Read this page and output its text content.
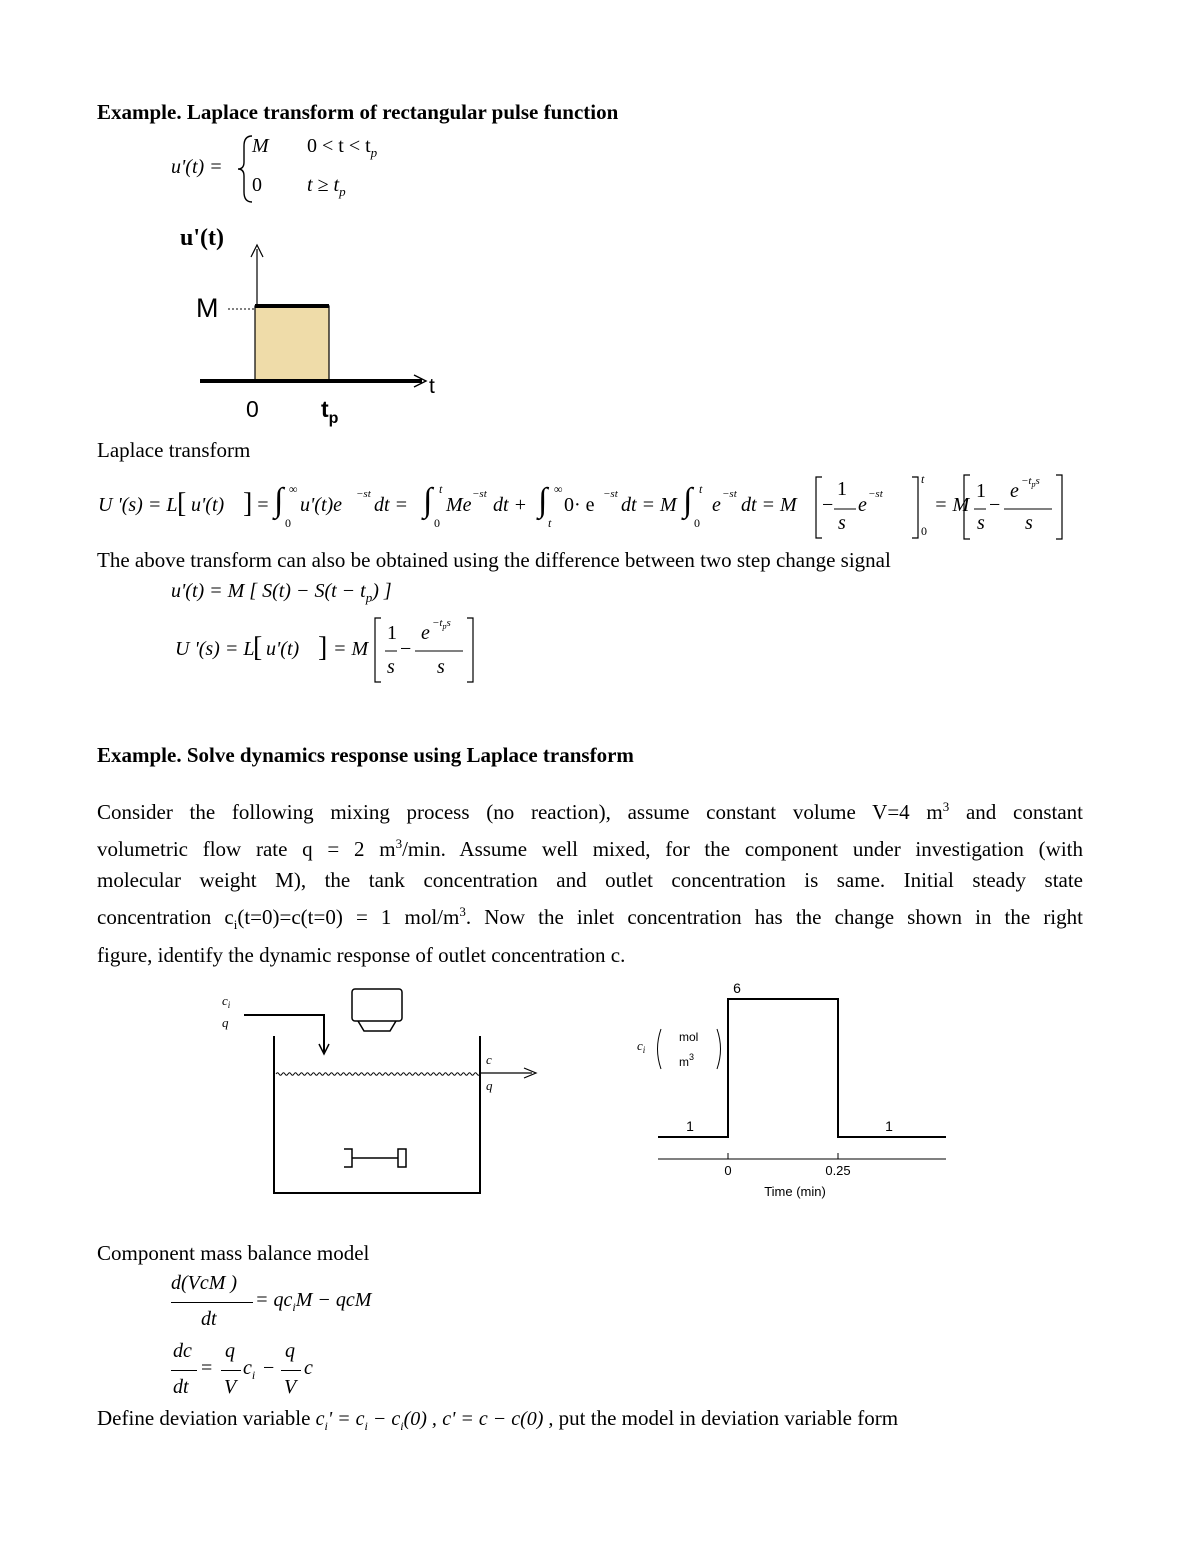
Example. Laplace transform of rectangular pulse function
u'(t) =
M $0 < t < t_p$
0 $t \ge t_p$
u'(t)
M
t
0	$t_p$
Laplace transform
U '(s) = L [ u'(t) ] = ∫ ∞
0
u'(t)e −st dt = ∫ t
0
Me −st dt + ∫ ∞
t
0· e −st dt = M ∫ t
0
e −st dt = M −
1
s
e −st
t
0
= M
1
s
−
$e -t_ps$
s
The above transform can also be obtained using the difference between two step change signal
u'(t) = M [ $S(t) - S(t - t_p)$ ]
U '(s) = L
[ u'(t) ] = M
1
s
−
$e -t_ps$
s
Example. Solve dynamics response using Laplace transform
Consider the following mixing process (no reaction), assume constant volume V=4 $m^3$ and constant
volumetric flow rate q = 2 $m^3/\min$. Assume well mixed, for the component under investigation (with
molecular weight M), the tank concentration and outlet concentration is same. Initial steady state
concentration $c_i(t=0)=c(t=0) = 1$ mol/$m^3$. Now the inlet concentration has the change shown in the right
figure, identify the dynamic response of outlet concentration c.
$c_i$
q
c
q
0	0.25
1
6
1
$c_i$
mol
$m^3$
Time (min)
Component mass balance model
d(VcM )
dt
= $qc_iM$ − qcM
dc
dt
=
q
V
$c_i$ −
q
V
c
Define deviation variable $c_i' = c_i - c_i(0)$ , c' = c − c(0) , put the model in deviation variable form
